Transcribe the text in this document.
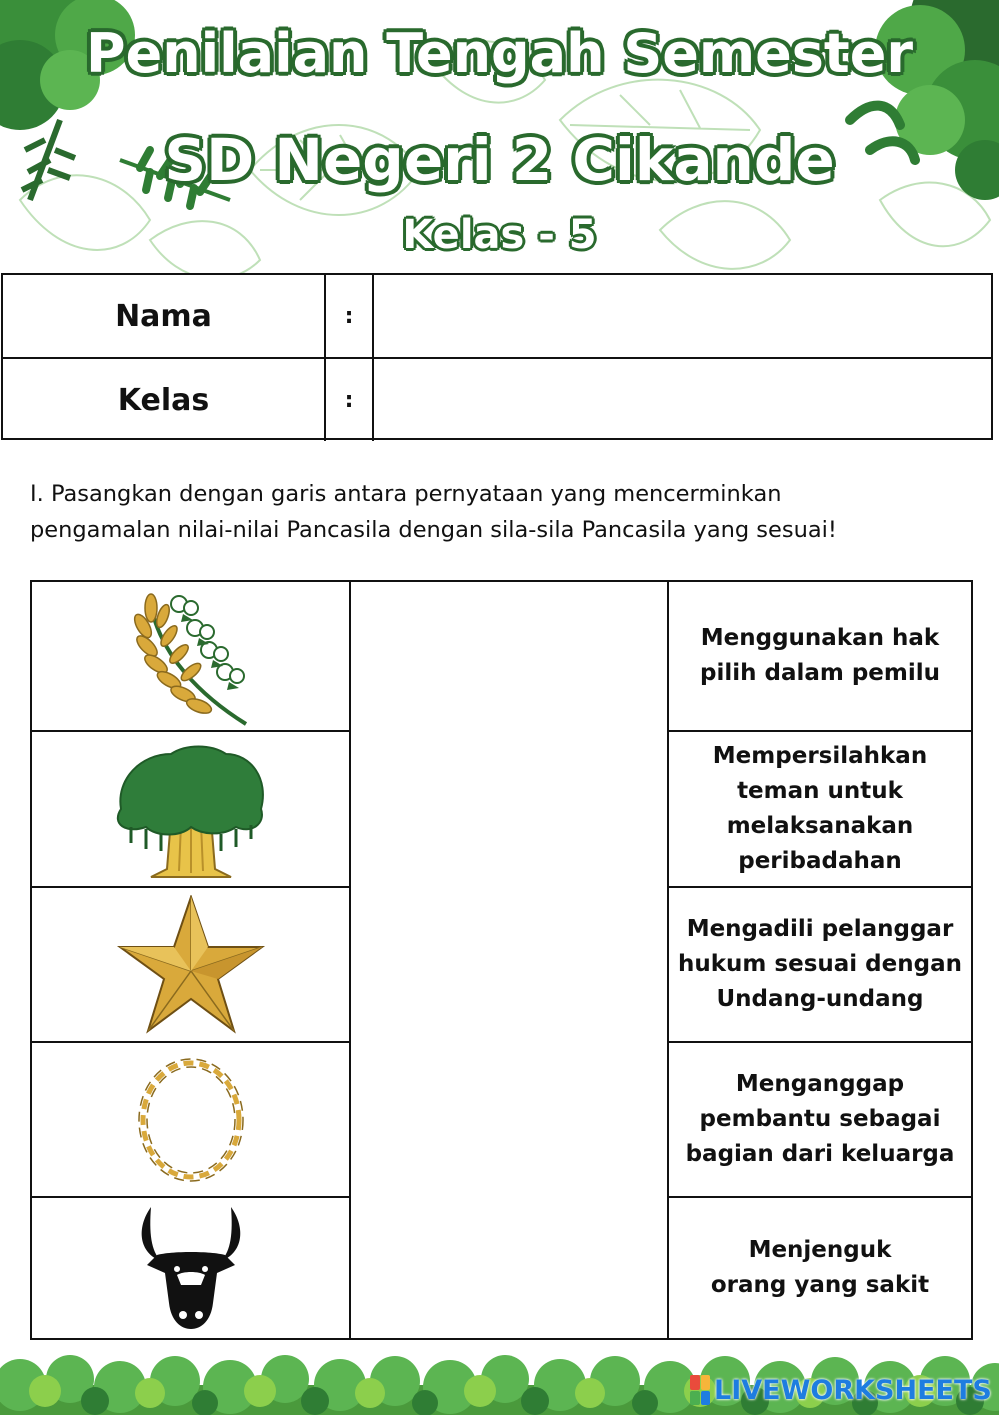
Penilaian Tengah Semester
SD Negeri 2 Cikande
Kelas - 5
Nama	:
Kelas	:
I. Pasangkan dengan garis antara pernyataan yang mencerminkan
pengamalan nilai-nilai Pancasila dengan sila-sila Pancasila yang sesuai!
Menggunakan hak
pilih dalam pemilu
Mempersilahkan
teman untuk
melaksanakan
peribadahan
Mengadili pelanggar
hukum sesuai dengan
Undang-undang
Menganggap
pembantu sebagai
bagian dari keluarga
Menjenguk
orang yang sakit
LIVEWORKSHEETS
